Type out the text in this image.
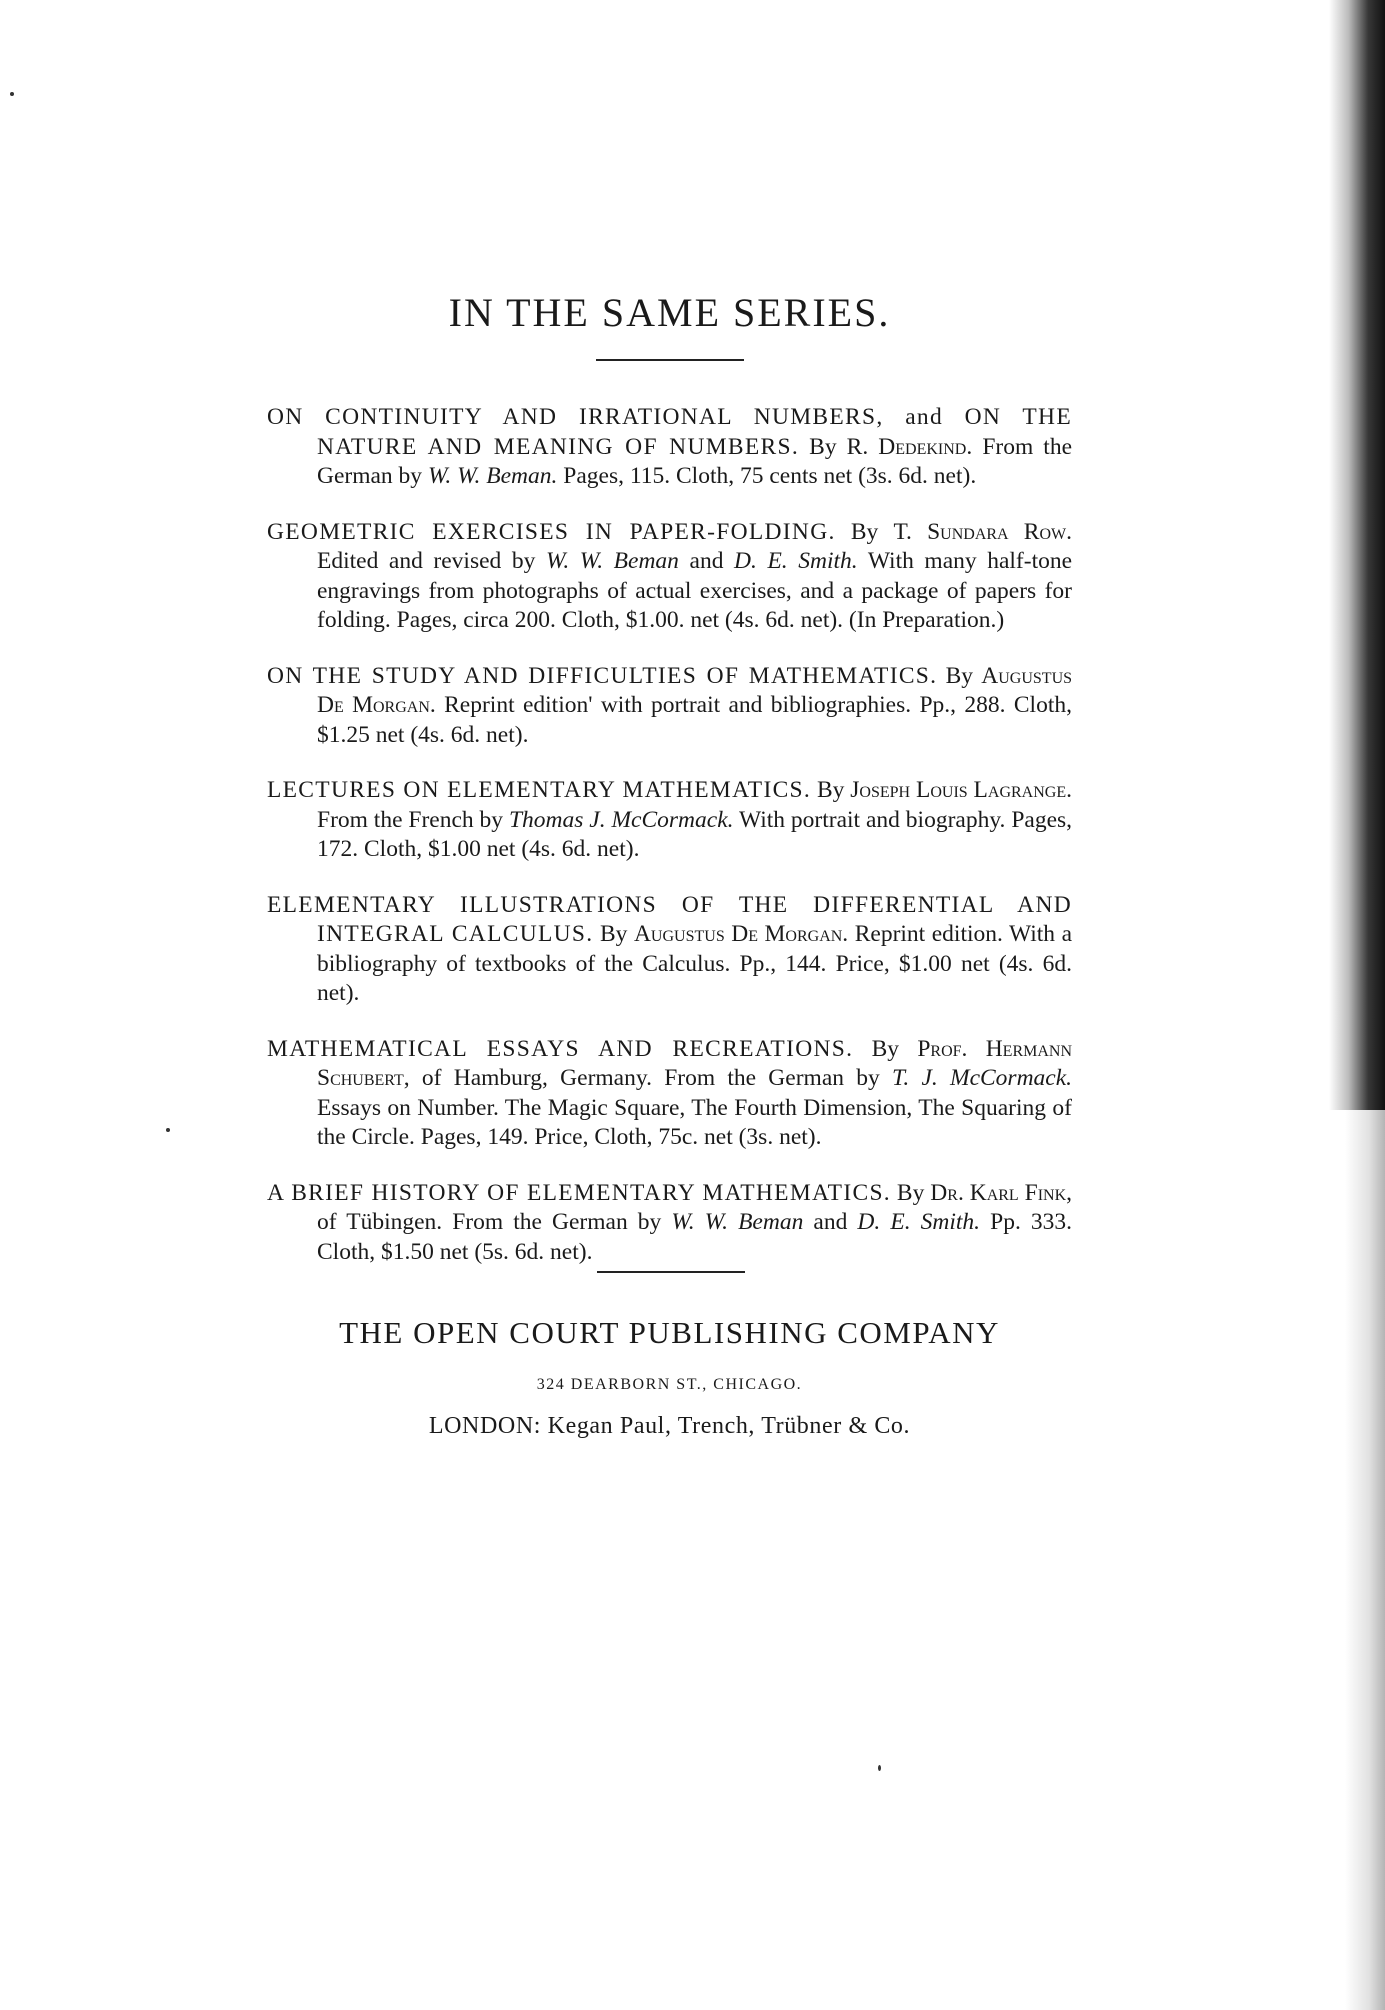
IN THE SAME SERIES.
ON CONTINUITY AND IRRATIONAL NUMBERS, and ON THE NATURE AND MEANING OF NUMBERS. By R. Dedekind. From the German by W. W. Beman. Pages, 115. Cloth, 75 cents net (3s. 6d. net).
GEOMETRIC EXERCISES IN PAPER-FOLDING. By T. Sundara Row. Edited and revised by W. W. Beman and D. E. Smith. With many half-tone engravings from photographs of actual exercises, and a package of papers for folding. Pages, circa 200. Cloth, $1.00. net (4s. 6d. net). (In Preparation.)
ON THE STUDY AND DIFFICULTIES OF MATHEMATICS. By Augustus De Morgan. Reprint edition' with portrait and bibliographies. Pp., 288. Cloth, $1.25 net (4s. 6d. net).
LECTURES ON ELEMENTARY MATHEMATICS. By Joseph Louis Lagrange. From the French by Thomas J. McCormack. With portrait and biography. Pages, 172. Cloth, $1.00 net (4s. 6d. net).
ELEMENTARY ILLUSTRATIONS OF THE DIFFERENTIAL AND INTEGRAL CALCULUS. By Augustus De Morgan. Reprint edition. With a bibliography of textbooks of the Calculus. Pp., 144. Price, $1.00 net (4s. 6d. net).
MATHEMATICAL ESSAYS AND RECREATIONS. By Prof. Hermann Schubert, of Hamburg, Germany. From the German by T. J. McCormack. Essays on Number. The Magic Square, The Fourth Dimension, The Squaring of the Circle. Pages, 149. Price, Cloth, 75c. net (3s. net).
A BRIEF HISTORY OF ELEMENTARY MATHEMATICS. By Dr. Karl Fink, of Tübingen. From the German by W. W. Beman and D. E. Smith. Pp. 333. Cloth, $1.50 net (5s. 6d. net).

THE OPEN COURT PUBLISHING COMPANY

324 DEARBORN ST., CHICAGO.
LONDON: Kegan Paul, Trench, Trübner & Co.
